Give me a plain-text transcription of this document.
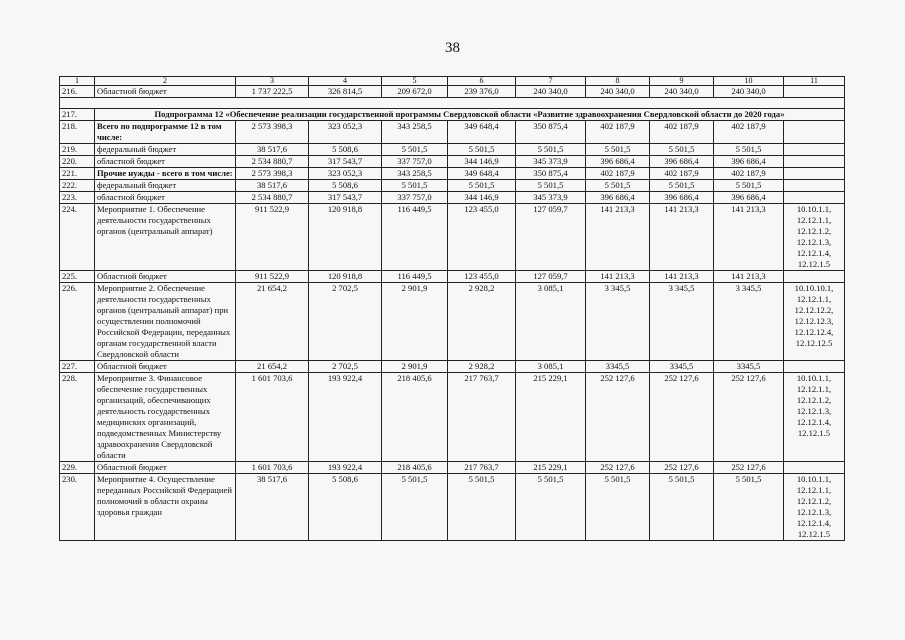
38
1	2	3	4	5	6	7	8	9	10	11
216.	Областной бюджет	1 737 222,5	326 814,5	209 672,0	239 376,0	240 340,0	240 340,0	240 340,0	240 340,0	

217.	Подпрограмма 12 «Обеспечение реализации государственной программы Свердловской области «Развитие здравоохранения Свердловской области до 2020 года»									
218.	Всего по подпрограмме 12 в том числе:	2 573 398,3	323 052,3	343 258,5	349 648,4	350 875,4	402 187,9	402 187,9	402 187,9	
219.	федеральный бюджет	38 517,6	5 508,6	5 501,5	5 501,5	5 501,5	5 501,5	5 501,5	5 501,5	
220.	областной бюджет	2 534 880,7	317 543,7	337 757,0	344 146,9	345 373,9	396 686,4	396 686,4	396 686,4	
221.	Прочие нужды - всего в том числе:	2 573 398,3	323 052,3	343 258,5	349 648,4	350 875,4	402 187,9	402 187,9	402 187,9	
222.	федеральный бюджет	38 517,6	5 508,6	5 501,5	5 501,5	5 501,5	5 501,5	5 501,5	5 501,5	
223.	областной бюджет	2 534 880,7	317 543,7	337 757,0	344 146,9	345 373,9	396 686,4	396 686,4	396 686,4	
224.	Мероприятие 1. Обеспечение деятельности государственных органов (центральный аппарат)	911 522,9	120 918,8	116 449,5	123 455,0	127 059,7	141 213,3	141 213,3	141 213,3	10.10.1.1, 12.12.1.1, 12.12.1.2, 12.12.1.3, 12.12.1.4, 12.12.1.5
225.	Областной бюджет	911 522,9	120 918,8	116 449,5	123 455,0	127 059,7	141 213,3	141 213,3	141 213,3	
226.	Мероприятие 2. Обеспечение деятельности государственных органов (центральный аппарат) при осуществлении полномочий Российской Федерации, переданных органам государственной власти Свердловской области	21 654,2	2 702,5	2 901,9	2 928,2	3 085,1	3 345,5	3 345,5	3 345,5	10.10.10.1, 12.12.1.1, 12.12.12.2, 12.12.12.3, 12.12.12.4, 12.12.12.5
227.	Областной бюджет	21 654,2	2 702,5	2 901,9	2 928,2	3 085,1	3345,5	3345,5	3345,5	
228.	Мероприятие 3. Финансовое обеспечение государственных организаций, обеспечивающих деятельность государственных медицинских организаций, подведомственных Министерству здравоохранения Свердловской области	1 601 703,6	193 922,4	218 405,6	217 763,7	215 229,1	252 127,6	252 127,6	252 127,6	10.10.1.1, 12.12.1.1, 12.12.1.2, 12.12.1.3, 12.12.1.4, 12.12.1.5
229.	Областной бюджет	1 601 703,6	193 922,4	218 405,6	217 763,7	215 229,1	252 127,6	252 127,6	252 127,6	
230.	Мероприятие 4. Осуществление переданных Российской Федерацией полномочий в области охраны здоровья граждан	38 517,6	5 508,6	5 501,5	5 501,5	5 501,5	5 501,5	5 501,5	5 501,5	10.10.1.1, 12.12.1.1, 12.12.1.2, 12.12.1.3, 12.12.1.4, 12.12.1.5
